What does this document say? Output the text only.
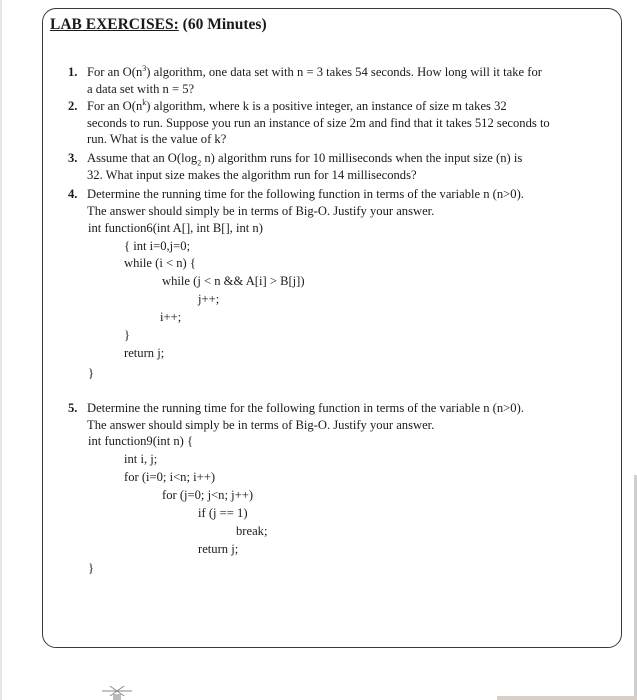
LAB EXERCISES: (60 Minutes)
1. For an $O(n^3)$ algorithm, one data set with n = 3 takes 54 seconds. How long will it take for
a data set with n = 5?
2. For an $O(n^k)$ algorithm, where k is a positive integer, an instance of size m takes 32
seconds to run. Suppose you run an instance of size 2m and find that it takes 512 seconds to
run. What is the value of k?
3. Assume that an $O(\log_2$ n) algorithm runs for 10 milliseconds when the input size (n) is
32. What input size makes the algorithm run for 14 milliseconds?
4. Determine the running time for the following function in terms of the variable n (n>0).
The answer should simply be in terms of Big-O. Justify your answer.
int function6(int A[], int B[], int n)
{ int i=0,j=0;
while (i < n) {
while (j < n && A[i] > B[j])
j++;
i++;
}
return j;
}
5. Determine the running time for the following function in terms of the variable n (n>0).
The answer should simply be in terms of Big-O. Justify your answer.
int function9(int n) {
int i, j;
for (i=0; i<n; i++)
for (j=0; j<n; j++)
if (j == 1)
break;
return j;
}
